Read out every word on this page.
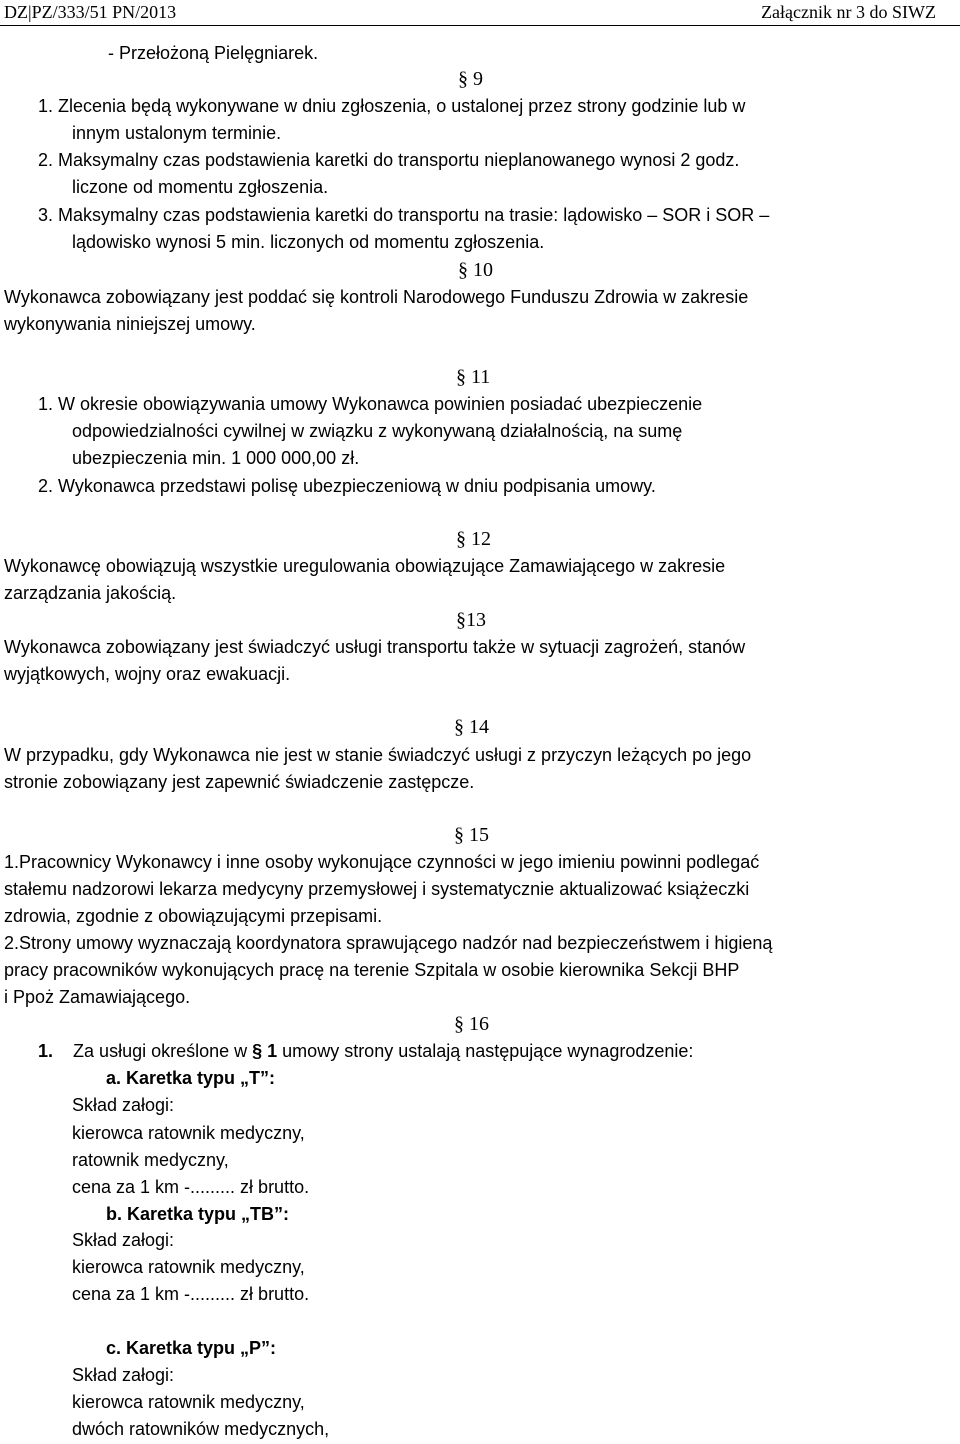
DZ|PZ/333/51 PN/2013	Załącznik nr 3 do SIWZ
- Przełożoną Pielęgniarek.
§ 9
1. Zlecenia będą wykonywane w dniu zgłoszenia, o ustalonej przez strony godzinie lub w
innym ustalonym terminie.
2. Maksymalny czas podstawienia karetki do transportu nieplanowanego wynosi 2 godz.
liczone od momentu zgłoszenia.
3. Maksymalny czas podstawienia karetki do transportu na trasie: lądowisko – SOR i SOR –
lądowisko wynosi 5 min. liczonych od momentu zgłoszenia.
§ 10
Wykonawca zobowiązany jest poddać się kontroli Narodowego Funduszu Zdrowia w zakresie
wykonywania niniejszej umowy.
§ 11
1. W okresie obowiązywania umowy Wykonawca powinien posiadać ubezpieczenie
odpowiedzialności cywilnej w związku z wykonywaną działalnością, na sumę
ubezpieczenia min. 1 000 000,00 zł.
2. Wykonawca przedstawi polisę ubezpieczeniową w dniu podpisania umowy.
§ 12
Wykonawcę obowiązują wszystkie uregulowania obowiązujące Zamawiającego w zakresie
zarządzania jakością.
§13
Wykonawca zobowiązany jest świadczyć usługi transportu także w sytuacji zagrożeń, stanów
wyjątkowych, wojny oraz ewakuacji.
§ 14
W przypadku, gdy Wykonawca nie jest w stanie świadczyć usługi z przyczyn leżących po jego
stronie zobowiązany jest zapewnić świadczenie zastępcze.
§ 15
1.Pracownicy Wykonawcy i inne osoby wykonujące czynności w jego imieniu powinni podlegać
stałemu nadzorowi lekarza medycyny przemysłowej i systematycznie aktualizować książeczki
zdrowia, zgodnie z obowiązującymi przepisami.
2.Strony umowy wyznaczają koordynatora sprawującego nadzór nad bezpieczeństwem i higieną
pracy pracowników wykonujących pracę na terenie Szpitala w osobie kierownika Sekcji BHP
i Ppoż Zamawiającego.
§ 16
1. Za usługi określone w § 1 umowy strony ustalają następujące wynagrodzenie:
a. Karetka typu „T”:
Skład załogi:
kierowca ratownik medyczny,
ratownik medyczny,
cena za 1 km -......... zł brutto.
b. Karetka typu „TB”:
Skład załogi:
kierowca ratownik medyczny,
cena za 1 km -......... zł brutto.
c. Karetka typu „P”:
Skład załogi:
kierowca ratownik medyczny,
dwóch ratowników medycznych,
